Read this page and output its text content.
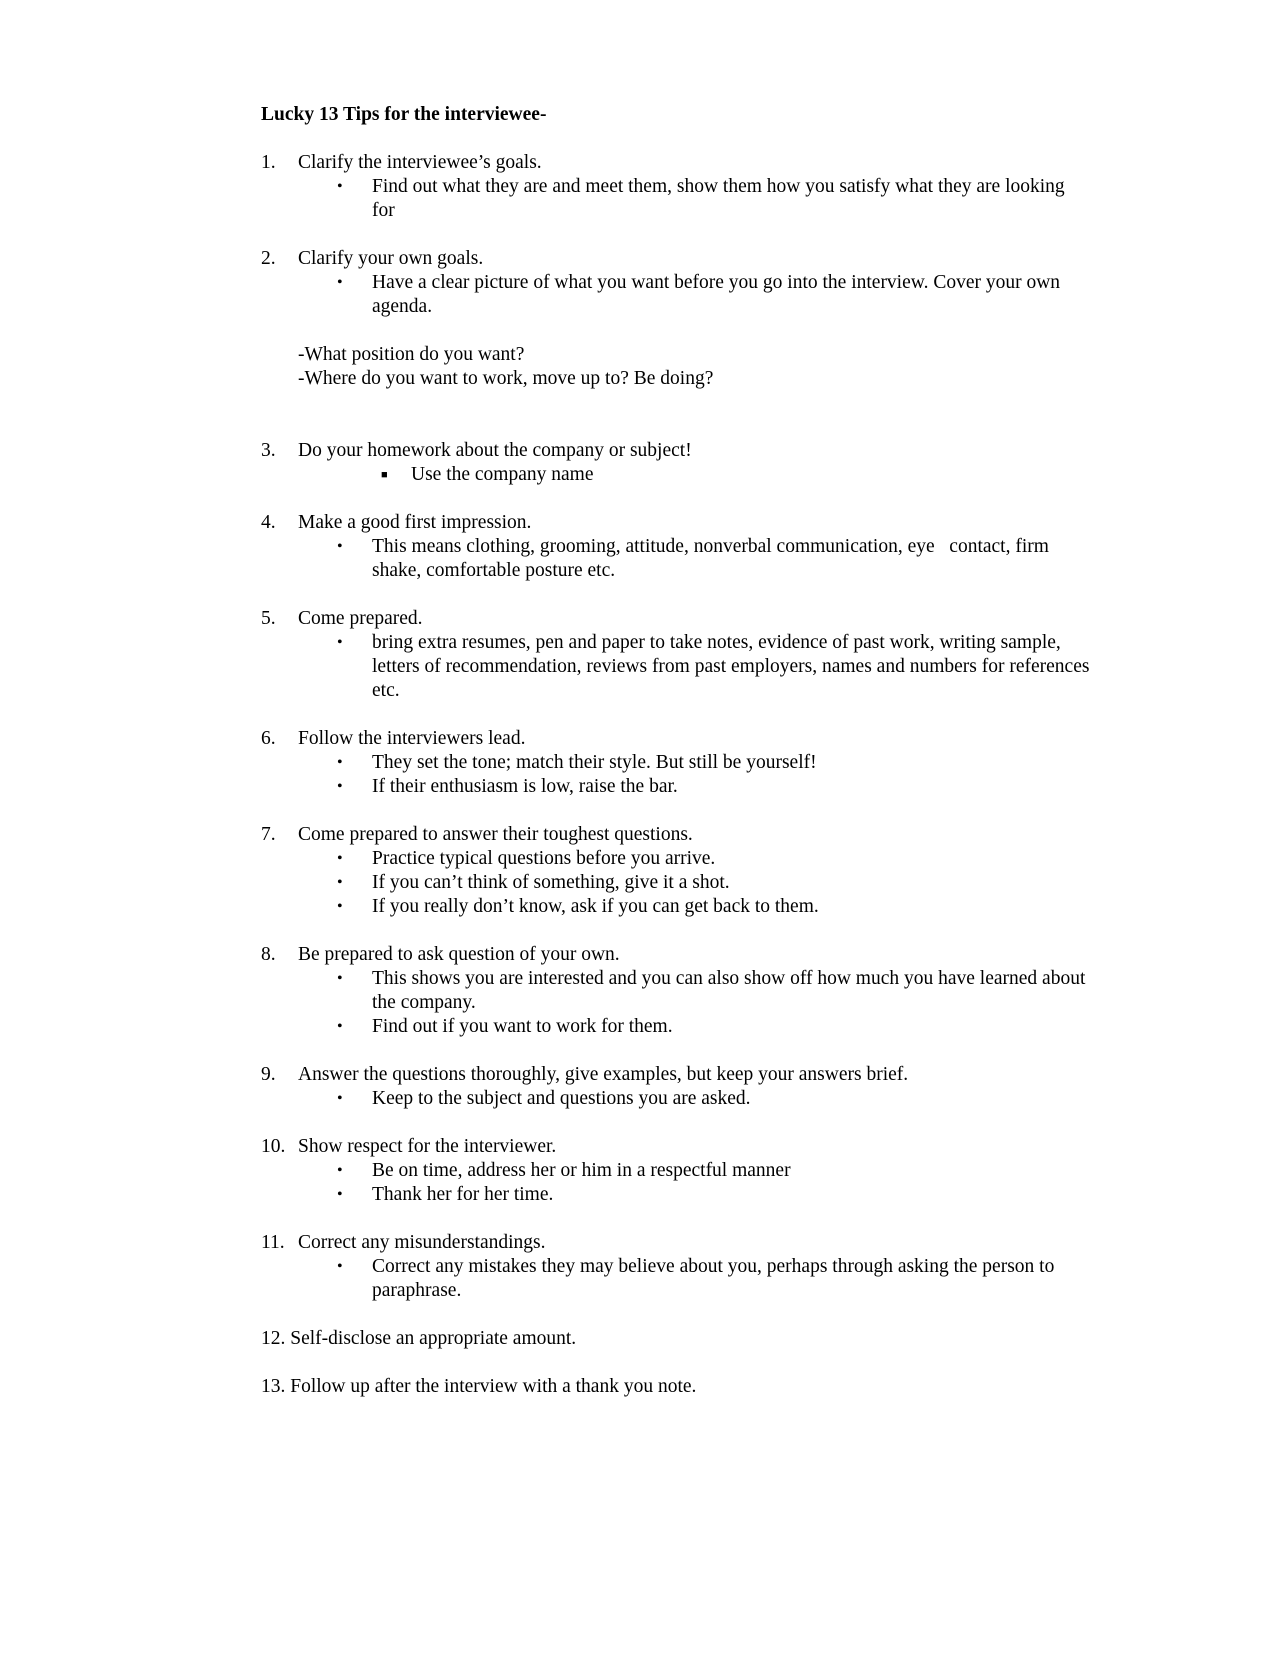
Lucky 13 Tips for the interviewee-
1.	Clarify the interviewee’s goals.
•	Find out what they are and meet them, show them how you satisfy what they are looking for
2.	Clarify your own goals.
•	Have a clear picture of what you want before you go into the interview. Cover your own agenda.
-What position do you want?
-Where do you want to work, move up to? Be doing?
3.	Do your homework about the company or subject!
■ Use the company name
4.	Make a good first impression.
•	This means clothing, grooming, attitude, nonverbal communication, eye   contact, firm shake, comfortable posture etc.
5.	Come prepared.
•	bring extra resumes, pen and paper to take notes, evidence of past work, writing sample, letters of recommendation, reviews from past employers, names and numbers for references etc.
6.	Follow the interviewers lead.
•	They set the tone; match their style. But still be yourself!
•	If their enthusiasm is low, raise the bar.
7.	Come prepared to answer their toughest questions.
•	Practice typical questions before you arrive.
•	If you can’t think of something, give it a shot.
•	If you really don’t know, ask if you can get back to them.
8.	Be prepared to ask question of your own.
•	This shows you are interested and you can also show off how much you have learned about the company.
•	Find out if you want to work for them.
9.	Answer the questions thoroughly, give examples, but keep your answers brief.
•	Keep to the subject and questions you are asked.
10. Show respect for the interviewer.
•	Be on time, address her or him in a respectful manner
•	Thank her for her time.
11. Correct any misunderstandings.
•	Correct any mistakes they may believe about you, perhaps through asking the person to paraphrase.
12. Self-disclose an appropriate amount.
13. Follow up after the interview with a thank you note.
